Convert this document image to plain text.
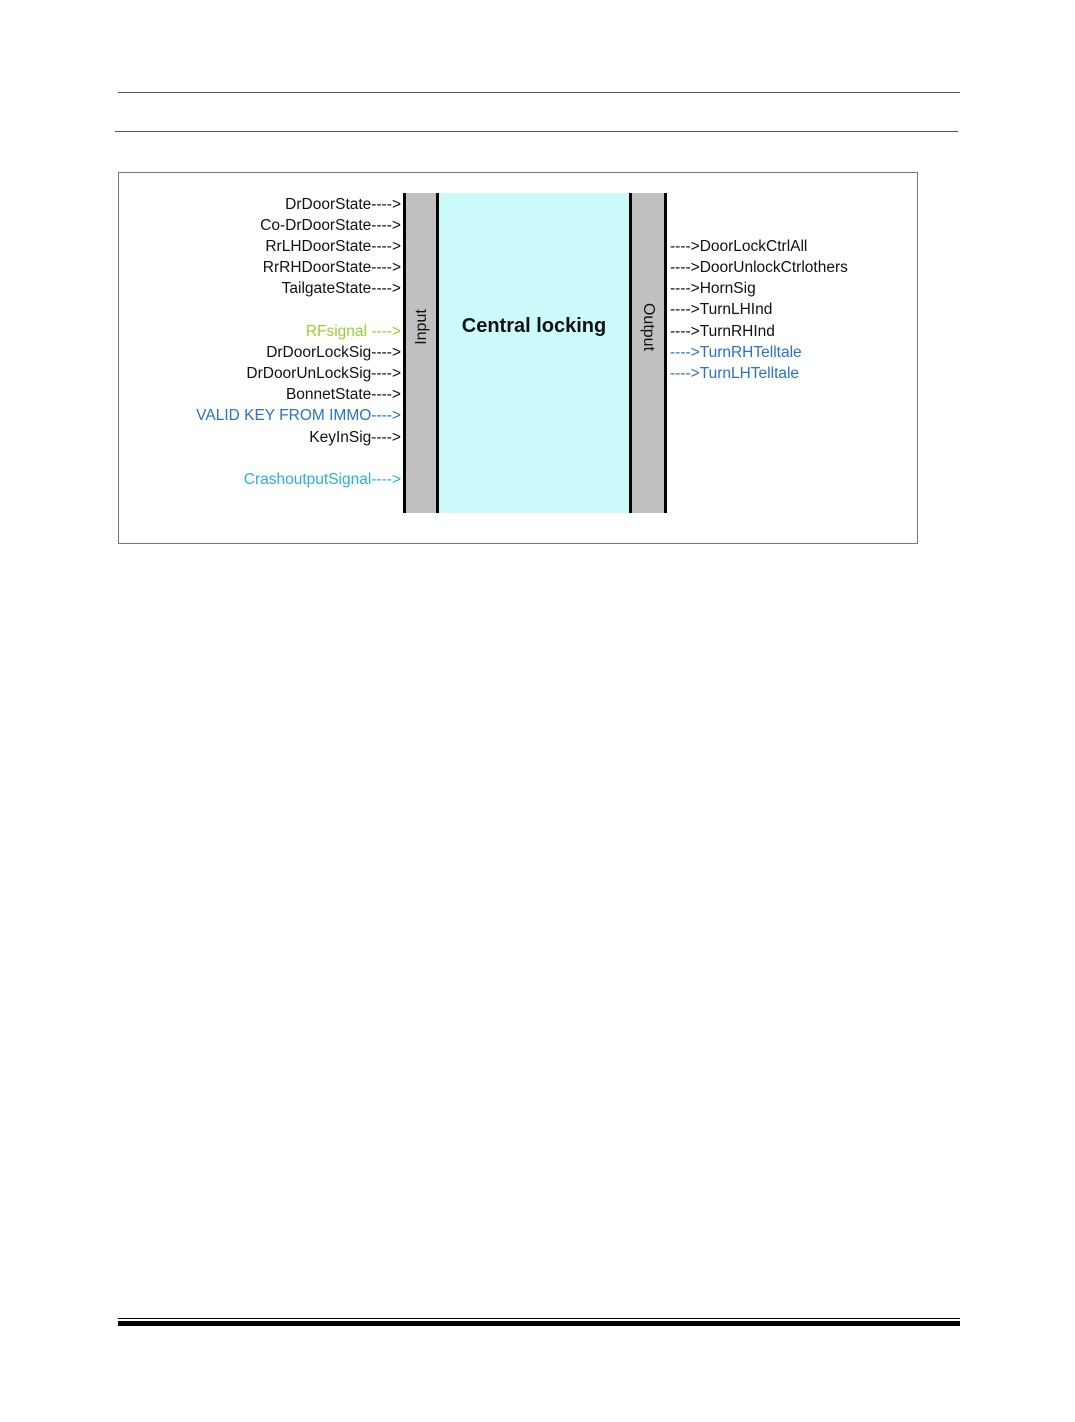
Input	Output
Central locking
DrDoorState---->
Co-DrDoorState---->
RrLHDoorState---->
RrRHDoorState---->
TailgateState---->
RFsignal ---->
DrDoorLockSig---->
DrDoorUnLockSig---->
BonnetState---->
VALID KEY FROM IMMO---->
KeyInSig---->
CrashoutputSignal---->
---->DoorLockCtrlAll
---->DoorUnlockCtrlothers
---->HornSig
---->TurnLHInd
---->TurnRHInd
---->TurnRHTelltale
---->TurnLHTelltale
